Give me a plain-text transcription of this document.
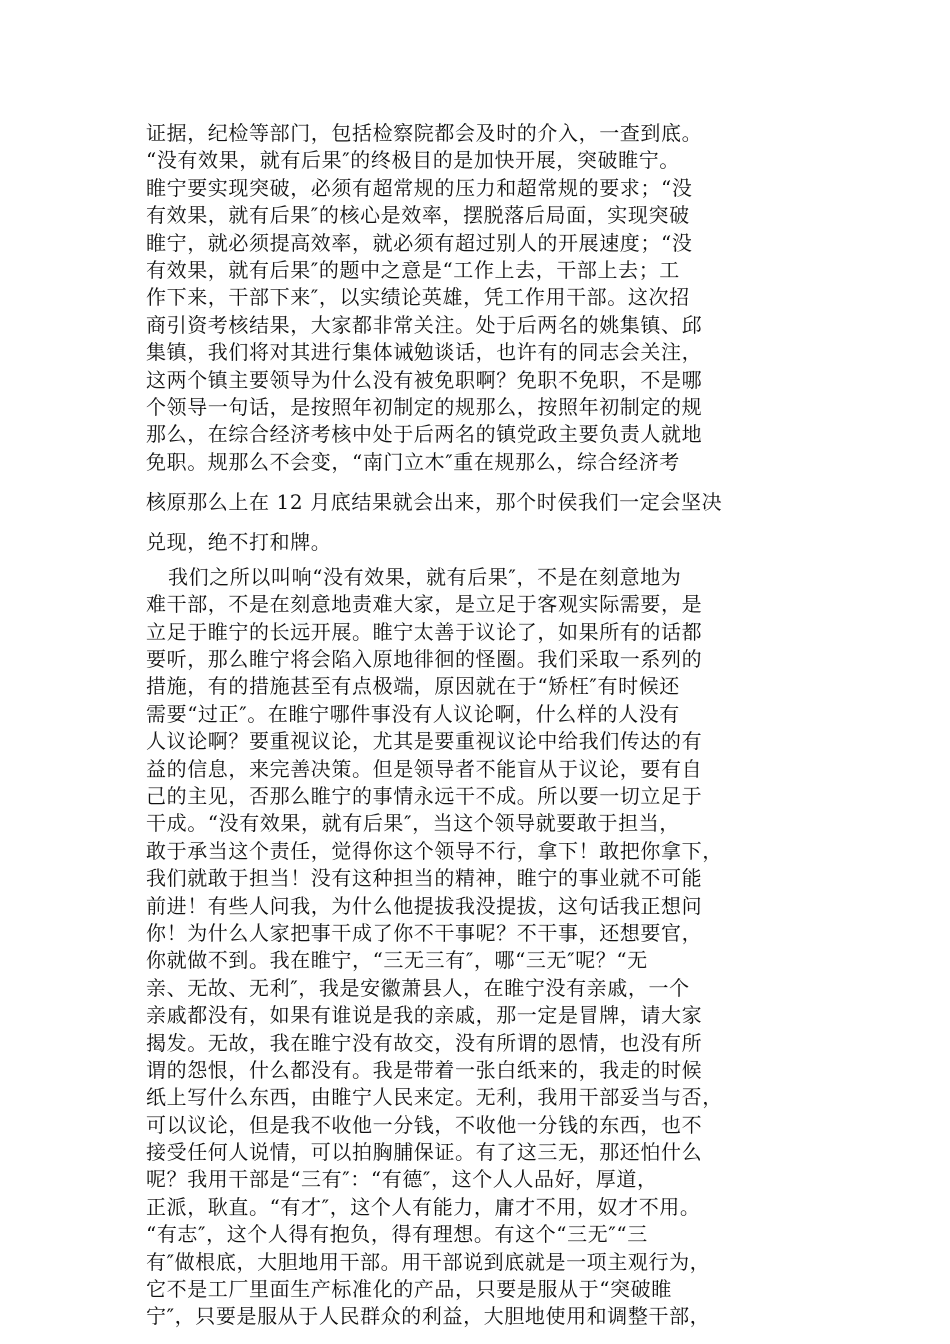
证据，纪检等部门，包括检察院都会及时的介入，一查到底。
“没有效果，就有后果″的终极目的是加快开展，突破睢宁。
睢宁要实现突破，必须有超常规的压力和超常规的要求；“没
有效果，就有后果″的核心是效率，摆脱落后局面，实现突破
睢宁，就必须提高效率，就必须有超过别人的开展速度；“没
有效果，就有后果″的题中之意是“工作上去，干部上去；工
作下来，干部下来″，以实绩论英雄，凭工作用干部。这次招
商引资考核结果，大家都非常关注。处于后两名的姚集镇、邱
集镇，我们将对其进行集体诫勉谈话，也许有的同志会关注，
这两个镇主要领导为什么没有被免职啊？免职不免职，不是哪
个领导一句话，是按照年初制定的规那么，按照年初制定的规
那么，在综合经济考核中处于后两名的镇党政主要负责人就地
免职。规那么不会变，“南门立木″重在规那么，综合经济考
核原那么上在 12 月底结果就会出来，那个时侯我们一定会坚决
兑现，绝不打和牌。
我们之所以叫响“没有效果，就有后果″，不是在刻意地为
难干部，不是在刻意地责难大家，是立足于客观实际需要，是
立足于睢宁的长远开展。睢宁太善于议论了，如果所有的话都
要听，那么睢宁将会陷入原地徘徊的怪圈。我们采取一系列的
措施，有的措施甚至有点极端，原因就在于“矫枉″有时候还
需要“过正″。在睢宁哪件事没有人议论啊，什么样的人没有
人议论啊？要重视议论，尤其是要重视议论中给我们传达的有
益的信息，来完善决策。但是领导者不能盲从于议论，要有自
己的主见，否那么睢宁的事情永远干不成。所以要一切立足于
干成。“没有效果，就有后果″，当这个领导就要敢于担当，
敢于承当这个责任，觉得你这个领导不行，拿下！敢把你拿下，
我们就敢于担当！没有这种担当的精神，睢宁的事业就不可能
前进！有些人问我，为什么他提拔我没提拔，这句话我正想问
你！为什么人家把事干成了你不干事呢？不干事，还想要官，
你就做不到。我在睢宁，“三无三有″，哪“三无″呢？“无
亲、无故、无利″，我是安徽萧县人，在睢宁没有亲戚，一个
亲戚都没有，如果有谁说是我的亲戚，那一定是冒牌，请大家
揭发。无故，我在睢宁没有故交，没有所谓的恩情，也没有所
谓的怨恨，什么都没有。我是带着一张白纸来的，我走的时候
纸上写什么东西，由睢宁人民来定。无利，我用干部妥当与否，
可以议论，但是我不收他一分钱，不收他一分钱的东西，也不
接受任何人说情，可以拍胸脯保证。有了这三无，那还怕什么
呢？我用干部是“三有″：“有德″，这个人人品好，厚道，
正派，耿直。“有才″，这个人有能力，庸才不用，奴才不用。
“有志″，这个人得有抱负，得有理想。有这个“三无″“三
有″做根底，大胆地用干部。用干部说到底就是一项主观行为，
它不是工厂里面生产标准化的产品，只要是服从于“突破睢
宁″，只要是服从于人民群众的利益，大胆地使用和调整干部，
